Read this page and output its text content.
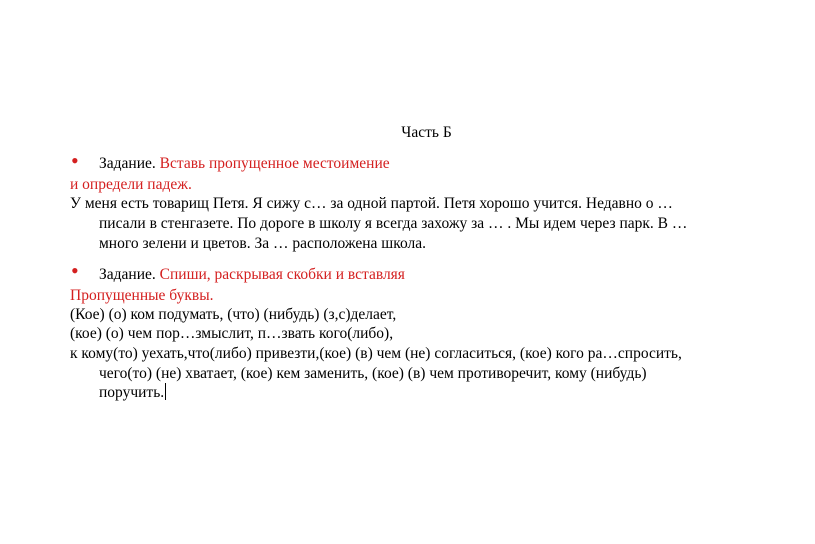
Часть Б
• Задание. Вставь пропущенное местоимение
и определи падеж.
У меня есть товарищ Петя. Я сижу с… за одной партой. Петя хорошо учится. Недавно о …
писали в стенгазете. По дороге в школу я всегда захожу за … . Мы идем через парк. В …
много зелени и цветов. За … расположена школа.
• Задание. Спиши, раскрывая скобки и вставляя
Пропущенные буквы.
(Кое) (о) ком подумать, (что) (нибудь) (з,с)делает,
(кое) (о) чем пор…змыслит, п…звать кого(либо),
к кому(то) уехать,что(либо) привезти,(кое) (в) чем (не) согласиться, (кое) кого ра…спросить,
чего(то) (не) хватает, (кое) кем заменить, (кое) (в) чем противоречит, кому (нибудь)
поручить.
